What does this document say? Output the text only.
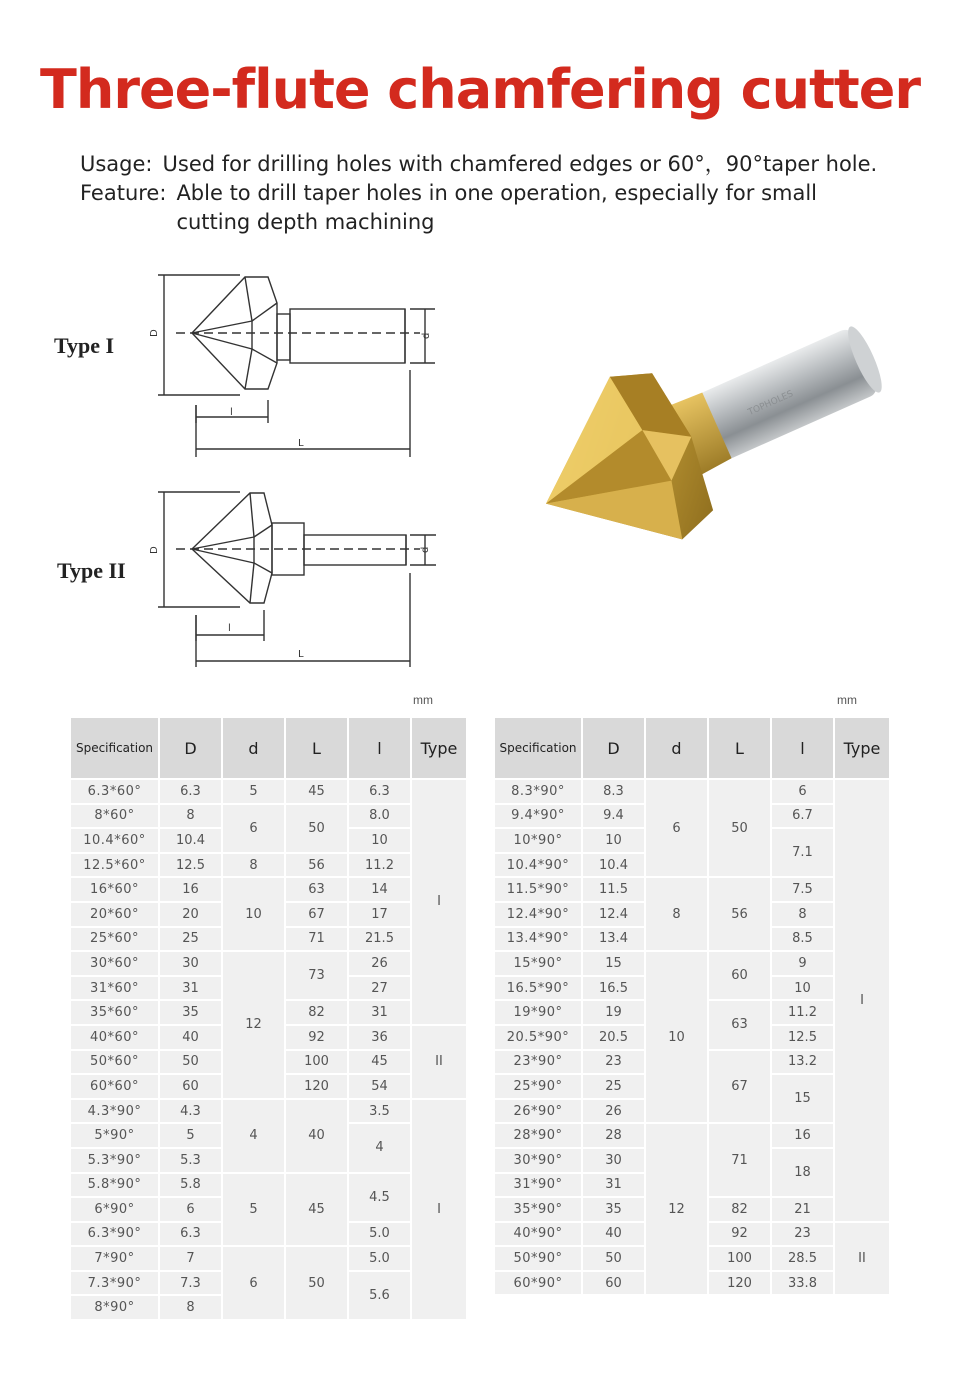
Three-flute chamfering cutter
Usage: Used for drilling holes with chamfered edges or 60°，90°taper hole.
Feature: Able to drill taper holes in one operation, especially for small cutting depth machining
Type I
Type II
D	d
l
L
D	d
l
L
TOPHOLES
mm	mm
Specification	D	d	L	l	Type
6.3*60°	6.3	5	45	6.3	I
8*60°	8	6	50	8.0	
10.4*60°	10.4			10	
12.5*60°	12.5	8	56	11.2	
16*60°	16	10	63	14	
20*60°	20		67	17	
25*60°	25		71	21.5	
30*60°	30	12	73	26	
31*60°	31			27	
35*60°	35		82	31	
40*60°	40		92	36	II
50*60°	50		100	45	
60*60°	60		120	54	
4.3*90°	4.3	4	40	3.5	I
5*90°	5			4	
5.3*90°	5.3				
5.8*90°	5.8	5	45	4.5	
6*90°	6				
6.3*90°	6.3			5.0	
7*90°	7	6	50	5.0	
7.3*90°	7.3			5.6	
8*90°	8				
Specification	D	d	L	l	Type
8.3*90°	8.3	6	50	6	I
9.4*90°	9.4			6.7	
10*90°	10			7.1	
10.4*90°	10.4				
11.5*90°	11.5	8	56	7.5	
12.4*90°	12.4			8	
13.4*90°	13.4			8.5	
15*90°	15	10	60	9	
16.5*90°	16.5			10	
19*90°	19		63	11.2	
20.5*90°	20.5			12.5	
23*90°	23		67	13.2	
25*90°	25			15	
26*90°	26				
28*90°	28	12	71	16	
30*90°	30			18	
31*90°	31				
35*90°	35		82	21	
40*90°	40		92	23	II
50*90°	50		100	28.5	
60*90°	60		120	33.8	
